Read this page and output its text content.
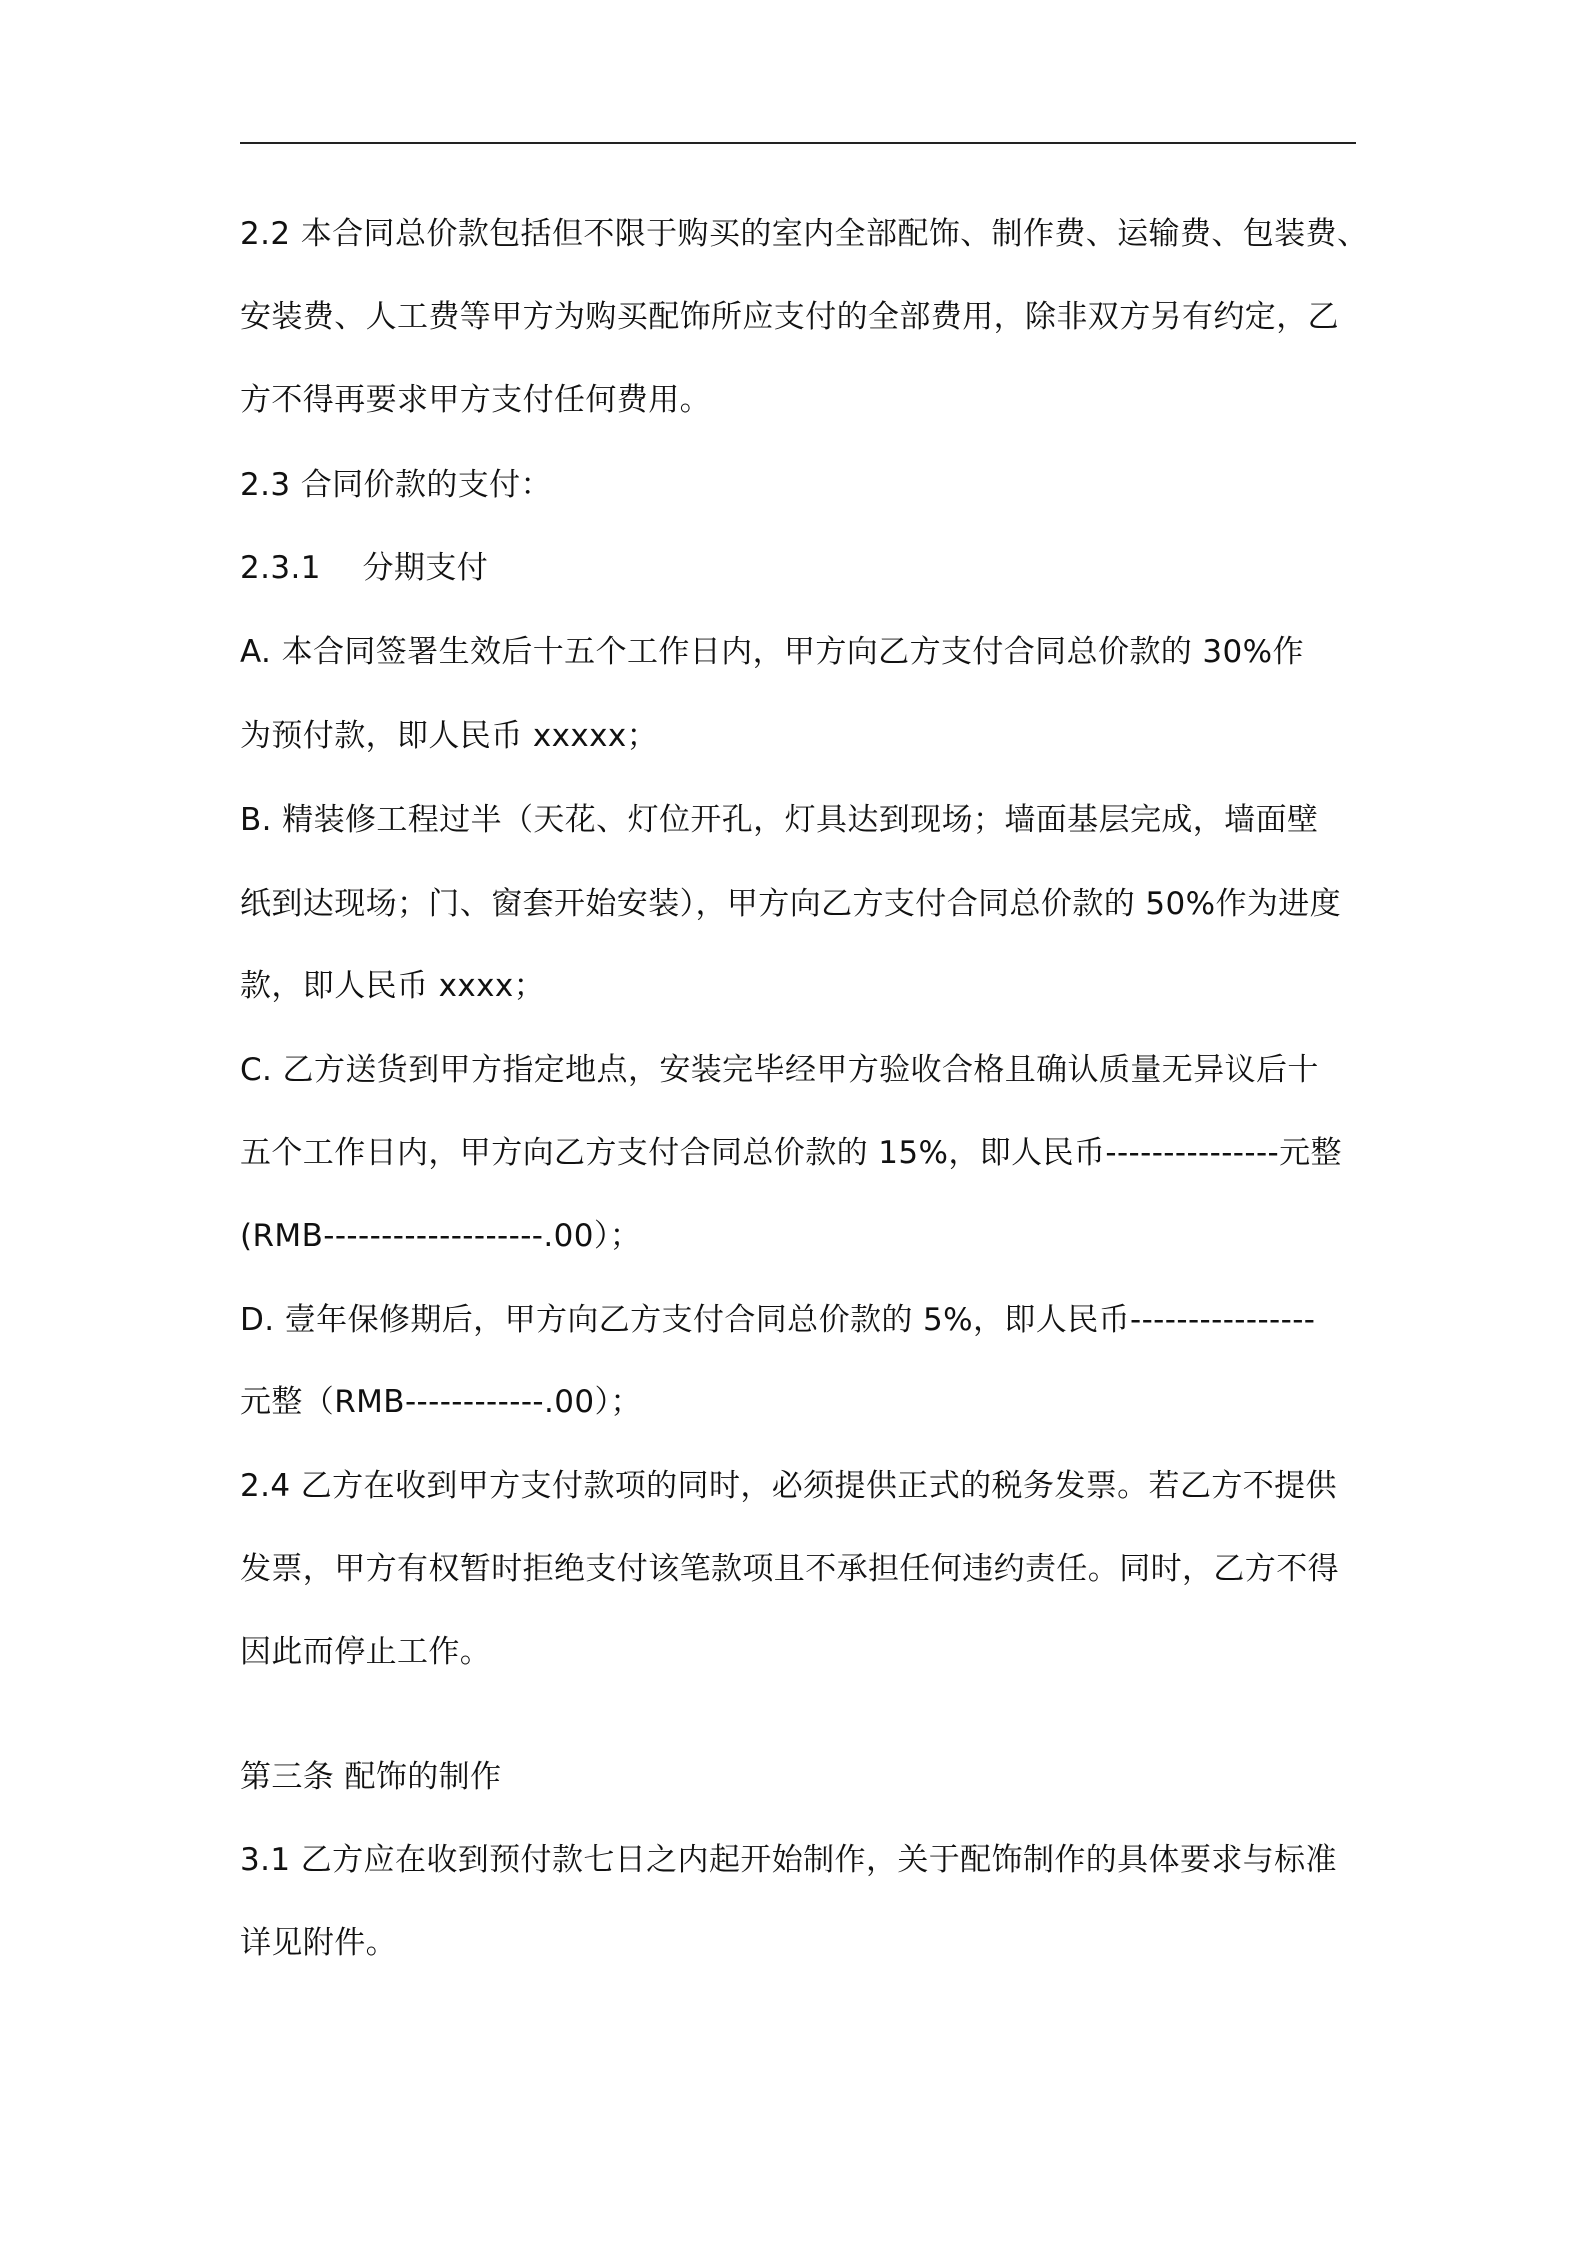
2.2 本合同总价款包括但不限于购买的室内全部配饰、制作费、运输费、包装费、
安装费、人工费等甲方为购买配饰所应支付的全部费用，除非双方另有约定，乙
方不得再要求甲方支付任何费用。
2.3 合同价款的支付：
2.3.1　 分期支付
A. 本合同签署生效后十五个工作日内，甲方向乙方支付合同总价款的 30%作
为预付款，即人民币 xxxxx；
B. 精装修工程过半（天花、灯位开孔，灯具达到现场；墙面基层完成，墙面壁
纸到达现场；门、窗套开始安装），甲方向乙方支付合同总价款的 50%作为进度
款，即人民币 xxxx；
C. 乙方送货到甲方指定地点，安装完毕经甲方验收合格且确认质量无异议后十
五个工作日内，甲方向乙方支付合同总价款的 15%，即人民币---------------元整
(RMB-------------------.00）；
D. 壹年保修期后，甲方向乙方支付合同总价款的 5%，即人民币----------------
元整（RMB------------.00）；
2.4 乙方在收到甲方支付款项的同时，必须提供正式的税务发票。若乙方不提供
发票，甲方有权暂时拒绝支付该笔款项且不承担任何违约责任。同时，乙方不得
因此而停止工作。
第三条 配饰的制作
3.1 乙方应在收到预付款七日之内起开始制作，关于配饰制作的具体要求与标准
详见附件。
